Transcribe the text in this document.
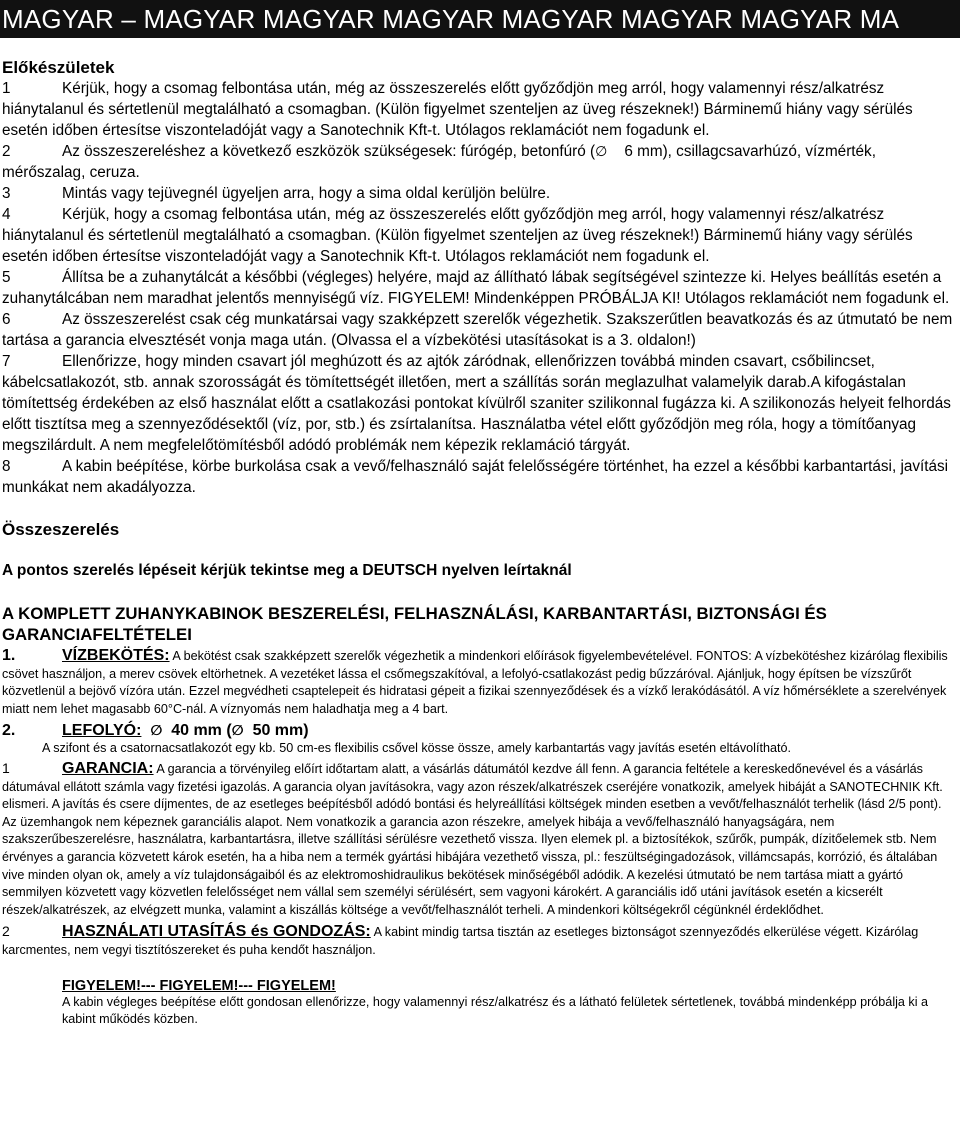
MAGYAR – MAGYAR MAGYAR MAGYAR MAGYAR MAGYAR MAGYAR MA
Előkészületek

1	Kérjük, hogy a csomag felbontása után, még az összeszerelés előtt győződjön meg arról, hogy valamennyi rész/alkatrész hiánytalanul és sértetlenül megtalálható a csomagban. (Külön figyelmet szenteljen az üveg részeknek!) Bárminemű hiány vagy sérülés esetén időben értesítse viszonteladóját vagy a Sanotechnik Kft-t. Utólagos reklamációt nem fogadunk el.

2	Az összeszereléshez a következő eszközök szükségesek: fúrógép, betonfúró (∅ 6 mm), csillagcsavarhúzó, vízmérték, mérőszalag, ceruza.

3	Mintás vagy tejüvegnél ügyeljen arra, hogy a sima oldal kerüljön belülre.

4	Kérjük, hogy a csomag felbontása után, még az összeszerelés előtt győződjön meg arról, hogy valamennyi rész/alkatrész hiánytalanul és sértetlenül megtalálható a csomagban. (Külön figyelmet szenteljen az üveg részeknek!) Bárminemű hiány vagy sérülés esetén időben értesítse viszonteladóját vagy a Sanotechnik Kft-t. Utólagos reklamációt nem fogadunk el.

5	Állítsa be a zuhanytálcát a későbbi (végleges) helyére, majd az állítható lábak segítségével szintezze ki. Helyes beállítás esetén a zuhanytálcában nem maradhat jelentős mennyiségű víz. FIGYELEM! Mindenképpen PRÓBÁLJA KI! Utólagos reklamációt nem fogadunk el.

6	Az összeszerelést csak cég munkatársai vagy szakképzett szerelők végezhetik. Szakszerűtlen beavatkozás és az útmutató be nem tartása a garancia elvesztését vonja maga után. (Olvassa el a vízbekötési utasításokat is a 3. oldalon!)

7	Ellenőrizze, hogy minden csavart jól meghúzott és az ajtók záródnak, ellenőrizzen továbbá minden csavart, csőbilincset, kábelcsatlakozót, stb. annak szorosságát és tömítettségét illetően, mert a szállítás során meglazulhat valamelyik darab.A kifogástalan tömítettség érdekében az első használat előtt a csatlakozási pontokat kívülről szaniter szilikonnal fugázza ki. A szilikonozás helyeit felhordás előtt tisztítsa meg a szennyeződésektől (víz, por, stb.) és zsírtalanítsa. Használatba vétel előtt győződjön meg róla, hogy a tömítőanyag megszilárdult. A nem megfelelőtömítésből adódó problémák nem képezik reklamáció tárgyát.

8	A kabin beépítése, körbe burkolása csak a vevő/felhasználó saját felelősségére történhet, ha ezzel a későbbi karbantartási, javítási munkákat nem akadályozza.

Összeszerelés
A pontos szerelés lépéseit kérjük tekintse meg a DEUTSCH nyelven leírtaknál
A KOMPLETT ZUHANYKABINOK BESZERELÉSI, FELHASZNÁLÁSI, KARBANTARTÁSI, BIZTONSÁGI ÉS GARANCIAFELTÉTELEI

1.	VÍZBEKÖTÉS: A bekötést csak szakképzett szerelők végezhetik a mindenkori előírások figyelembevételével. FONTOS: A vízbekötéshez kizárólag flexibilis csövet használjon, a merev csövek eltörhetnek. A vezetéket lássa el csőmegszakítóval, a lefolyó-csatlakozást pedig bűzzáróval. Ajánljuk, hogy építsen be vízszűrőt közvetlenül a bejövő vízóra után. Ezzel megvédheti csaptelepeit és hidratasi gépeit a fizikai szennyeződések és a vízkő lerakódásától. A víz hőmérséklete a szerelvények miatt nem lehet magasabb 60°C-nál. A víznyomás nem haladhatja meg a 4 bart.

2.	LEFOLYÓ: ∅ 40 mm (∅ 50 mm)

A szifont és a csatornacsatlakozót egy kb. 50 cm-es flexibilis csővel kösse össze, amely karbantartás vagy javítás esetén eltávolítható.

1	GARANCIA: A garancia a törvényileg előírt időtartam alatt, a vásárlás dátumától kezdve áll fenn. A garancia feltétele a kereskedőnevével és a vásárlás dátumával ellátott számla vagy fizetési igazolás. A garancia olyan javításokra, vagy azon részek/alkatrészek cseréjére vonatkozik, amelyek hibáját a SANOTECHNIK Kft. elismeri. A javítás és csere díjmentes, de az esetleges beépítésből adódó bontási és helyreállítási költségek minden esetben a vevőt/felhasználót terhelik (lásd 2/5 pont). Az üzemhangok nem képeznek garanciális alapot. Nem vonatkozik a garancia azon részekre, amelyek hibája a vevő/felhasználó hanyagságára, nem szakszerűbeszerelésre, használatra, karbantartásra, illetve szállítási sérülésre vezethető vissza. Ilyen elemek pl. a biztosítékok, szűrők, pumpák, dízitőelemek stb. Nem érvényes a garancia közvetett károk esetén, ha a hiba nem a termék gyártási hibájára vezethető vissza, pl.: feszültségingadozások, villámcsapás, korrózió, és általában vive minden olyan ok, amely a víz tulajdonságaiból és az elektromoshidraulikus bekötések minőségéből adódik. A kezelési útmutató be nem tartása miatt a gyártó semmilyen közvetett vagy közvetlen felelősséget nem vállal sem személyi sérülésért, sem vagyoni károkért. A garanciális idő utáni javítások esetén a kicserélt részek/alkatrészek, az elvégzett munka, valamint a kiszállás költsége a vevőt/felhasználót terheli. A mindenkori költségekről cégünknél érdeklődhet.

2	HASZNÁLATI UTASÍTÁS és GONDOZÁS: A kabint mindig tartsa tisztán az esetleges biztonságot szennyeződés elkerülése végett. Kizárólag karcmentes, nem vegyi tisztítószereket és puha kendőt használjon.

FIGYELEM!--- FIGYELEM!--- FIGYELEM!

A kabin végleges beépítése előtt gondosan ellenőrizze, hogy valamennyi rész/alkatrész és a látható felületek sértetlenek, továbbá mindenképp próbálja ki a kabint működés közben.
